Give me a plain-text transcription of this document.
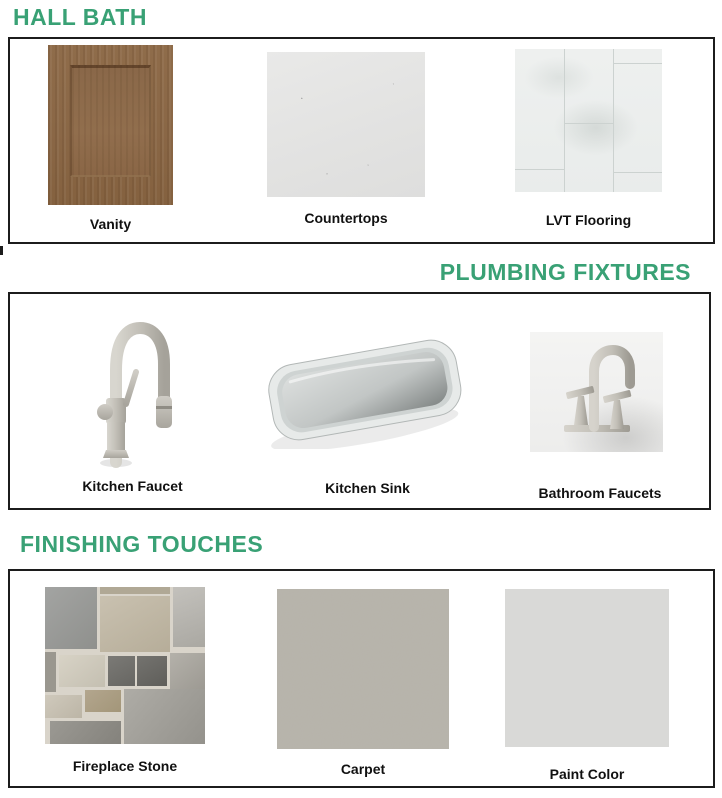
HALL BATH
Vanity	Countertops	LVT Flooring
PLUMBING FIXTURES
Kitchen Faucet	Kitchen Sink	Bathroom Faucets
FINISHING TOUCHES
Fireplace Stone	Carpet	Paint Color
